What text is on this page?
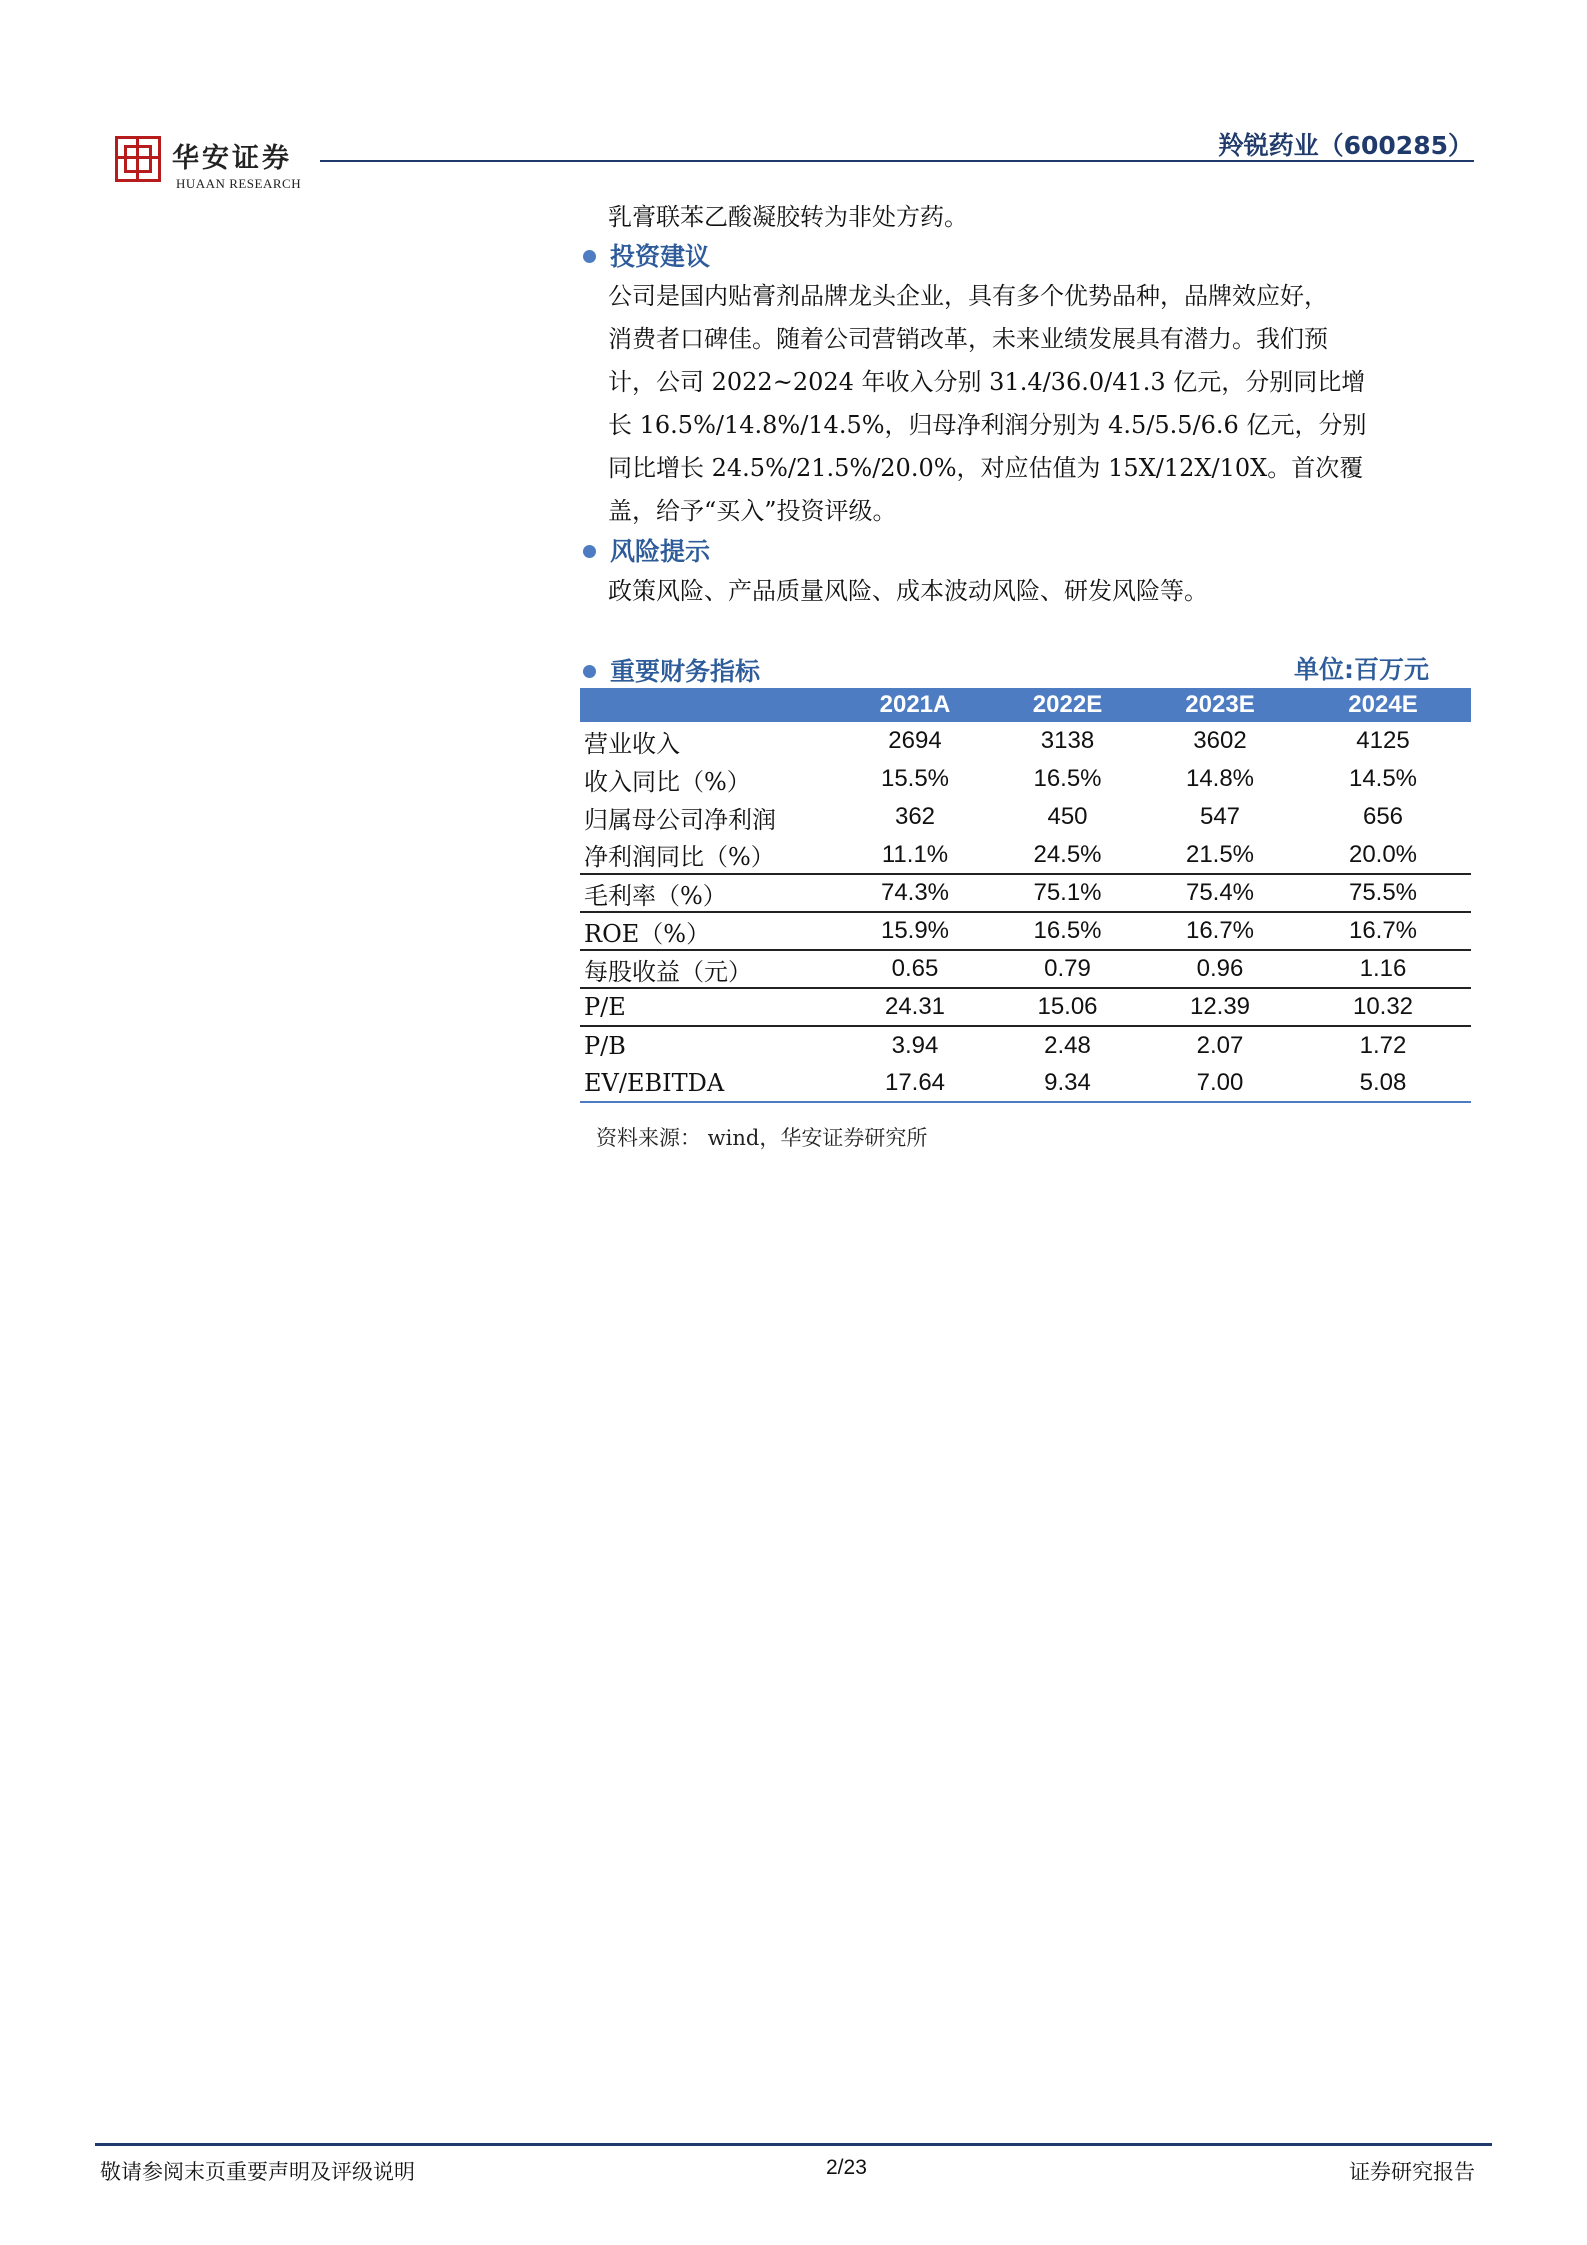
华安证券
HUAAN RESEARCH
羚锐药业（600285）
乳膏联苯乙酸凝胶转为非处方药。
投资建议
公司是国内贴膏剂品牌龙头企业，具有多个优势品种，品牌效应好，
消费者口碑佳。随着公司营销改革，未来业绩发展具有潜力。我们预
计，公司 2022~2024 年收入分别 31.4/36.0/41.3 亿元，分别同比增
长 16.5%/14.8%/14.5%，归母净利润分别为 4.5/5.5/6.6 亿元，分别
同比增长 24.5%/21.5%/20.0%，对应估值为 15X/12X/10X。首次覆
盖，给予“买入”投资评级。
风险提示
政策风险、产品质量风险、成本波动风险、研发风险等。
重要财务指标	单位:百万元
	2021A	2022E	2023E	2024E
营业收入	2694	3138	3602	4125
收入同比（%）	15.5%	16.5%	14.8%	14.5%
归属母公司净利润	362	450	547	656
净利润同比（%）	11.1%	24.5%	21.5%	20.0%
毛利率（%）	74.3%	75.1%	75.4%	75.5%
ROE（%）	15.9%	16.5%	16.7%	16.7%
每股收益（元）	0.65	0.79	0.96	1.16
P/E	24.31	15.06	12.39	10.32
P/B	3.94	2.48	2.07	1.72
EV/EBITDA	17.64	9.34	7.00	5.08
资料来源： wind，华安证券研究所
敬请参阅末页重要声明及评级说明	2/23	证券研究报告
